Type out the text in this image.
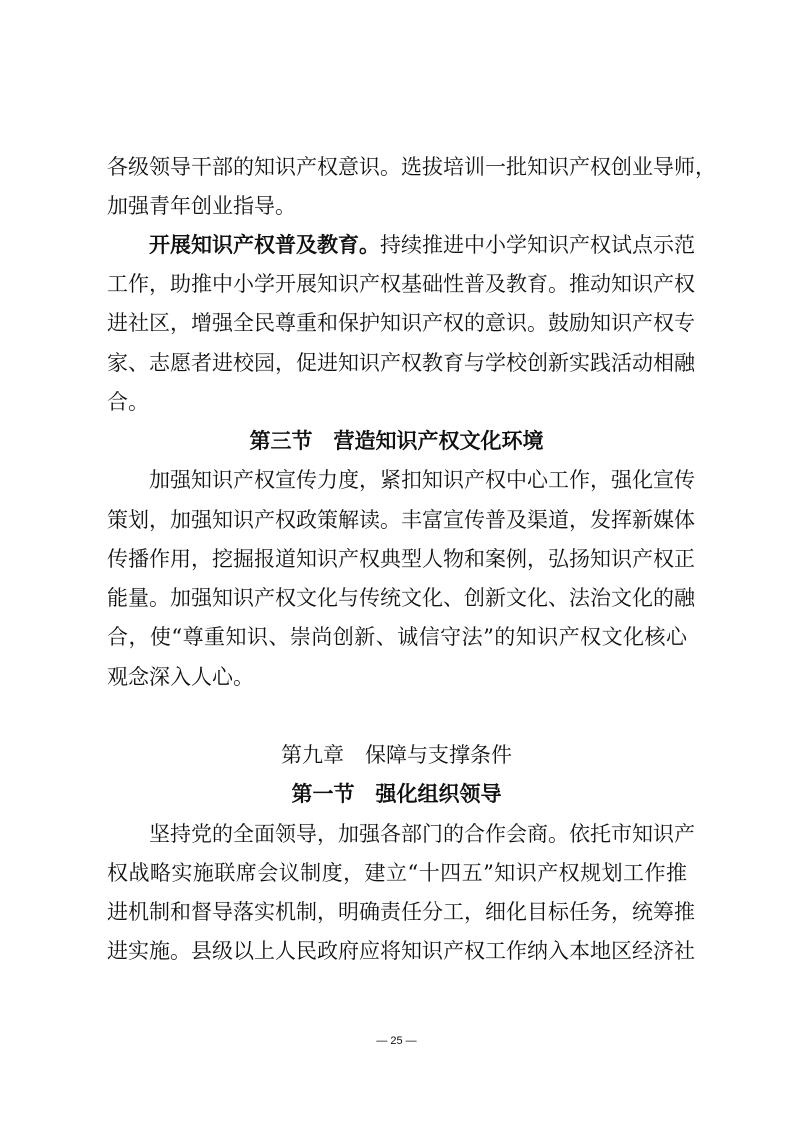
各级领导干部的知识产权意识。选拔培训一批知识产权创业导师，
加强青年创业指导。
开展知识产权普及教育。持续推进中小学知识产权试点示范
工作，助推中小学开展知识产权基础性普及教育。推动知识产权
进社区，增强全民尊重和保护知识产权的意识。鼓励知识产权专
家、志愿者进校园，促进知识产权教育与学校创新实践活动相融
合。
第三节　营造知识产权文化环境
加强知识产权宣传力度，紧扣知识产权中心工作，强化宣传
策划，加强知识产权政策解读。丰富宣传普及渠道，发挥新媒体
传播作用，挖掘报道知识产权典型人物和案例，弘扬知识产权正
能量。加强知识产权文化与传统文化、创新文化、法治文化的融
合，使“尊重知识、崇尚创新、诚信守法”的知识产权文化核心
观念深入人心。
第九章　保障与支撑条件
第一节　强化组织领导
坚持党的全面领导，加强各部门的合作会商。依托市知识产
权战略实施联席会议制度，建立“十四五”知识产权规划工作推
进机制和督导落实机制，明确责任分工，细化目标任务，统筹推
进实施。县级以上人民政府应将知识产权工作纳入本地区经济社
— 25 —
